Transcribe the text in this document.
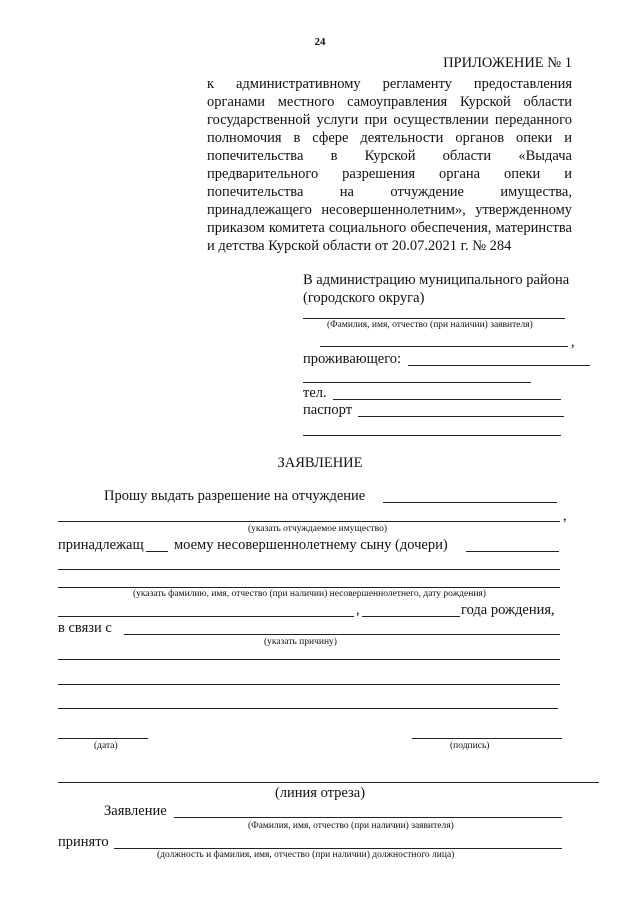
24
ПРИЛОЖЕНИЕ № 1
к административному регламенту предоставления
органами местного самоуправления Курской области
государственной услуги при осуществлении переданного
полномочия в сфере деятельности органов опеки и
попечительства в Курской области «Выдача
предварительного разрешения органа опеки и
попечительства на отчуждение имущества,
принадлежащего несовершеннолетним», утвержденному
приказом комитета социального обеспечения, материнства
и детства Курской области от 20.07.2021 г. № 284
В администрацию муниципального района
(городского округа)
(Фамилия, имя, отчество (при наличии) заявителя)
,
проживающего:
тел.
паспорт
ЗАЯВЛЕНИЕ
Прошу выдать разрешение на отчуждение
,
(указать отчуждаемое имущество)
принадлежащ моему несовершеннолетнему сыну (дочери)
(указать фамилию, имя, отчество (при наличии) несовершеннолетнего, дату рождения)
,	года рождения,
в связи с
(указать причину)
(дата)	(подпись)
(линия отреза)
Заявление
(Фамилия, имя, отчество (при наличии) заявителя)
принято
(должность и фамилия, имя, отчество (при наличии) должностного лица)
